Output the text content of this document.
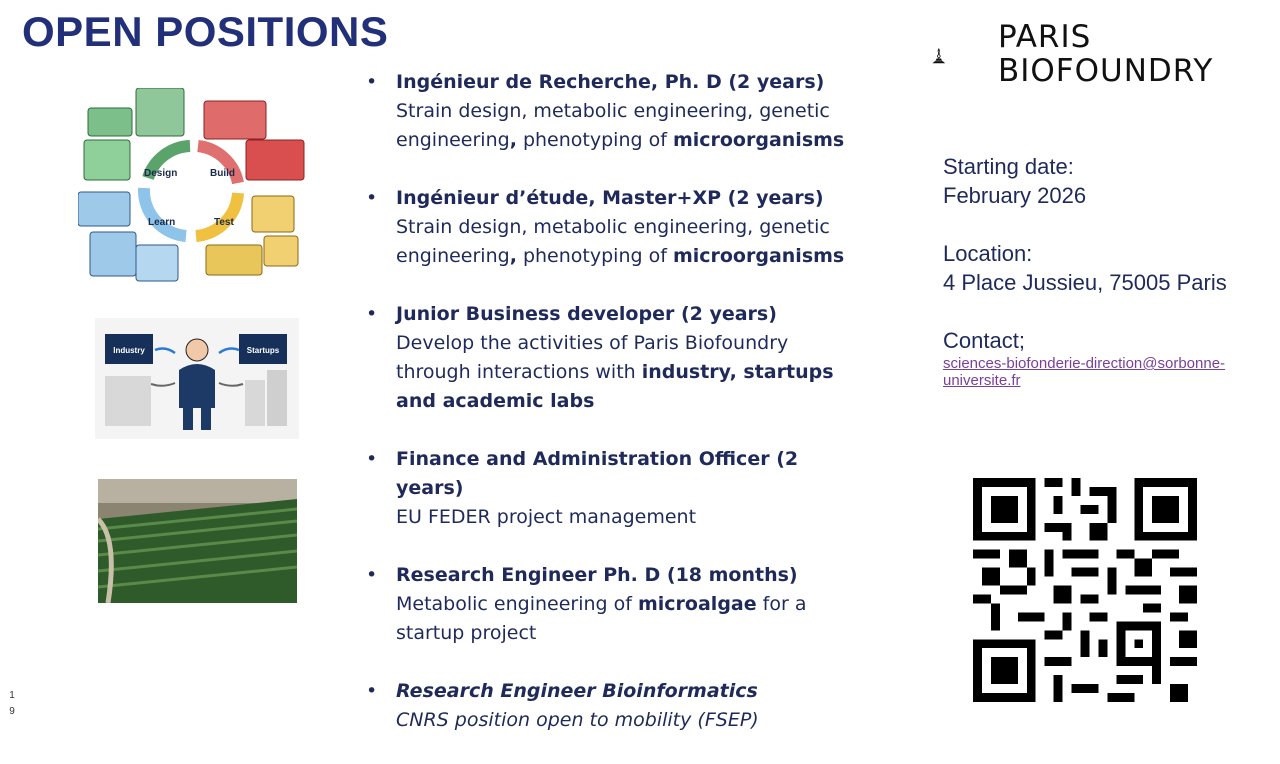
OPEN POSITIONS
Design	Build
Test
Learn
Industry	Startups
• Ingénieur de Recherche, Ph. D (2 years)
Strain design, metabolic engineering, genetic engineering, phenotyping of microorganisms
• Ingénieur d’étude, Master+XP (2 years)
Strain design, metabolic engineering, genetic engineering, phenotyping of microorganisms
• Junior Business developer (2 years)
Develop the activities of Paris Biofoundry through interactions with industry, startups and academic labs
• Finance and Administration Officer (2 years)
EU FEDER project management
• Research Engineer Ph. D (18 months)
Metabolic engineering of microalgae for a startup project
• Research Engineer Bioinformatics
CNRS position open to mobility (FSEP)
PARIS
BIOFOUNDRY
Starting date:
February 2026
Location:
4 Place Jussieu, 75005 Paris
Contact;
sciences-biofonderie-direction@sorbonne-
universite.fr
1
9
